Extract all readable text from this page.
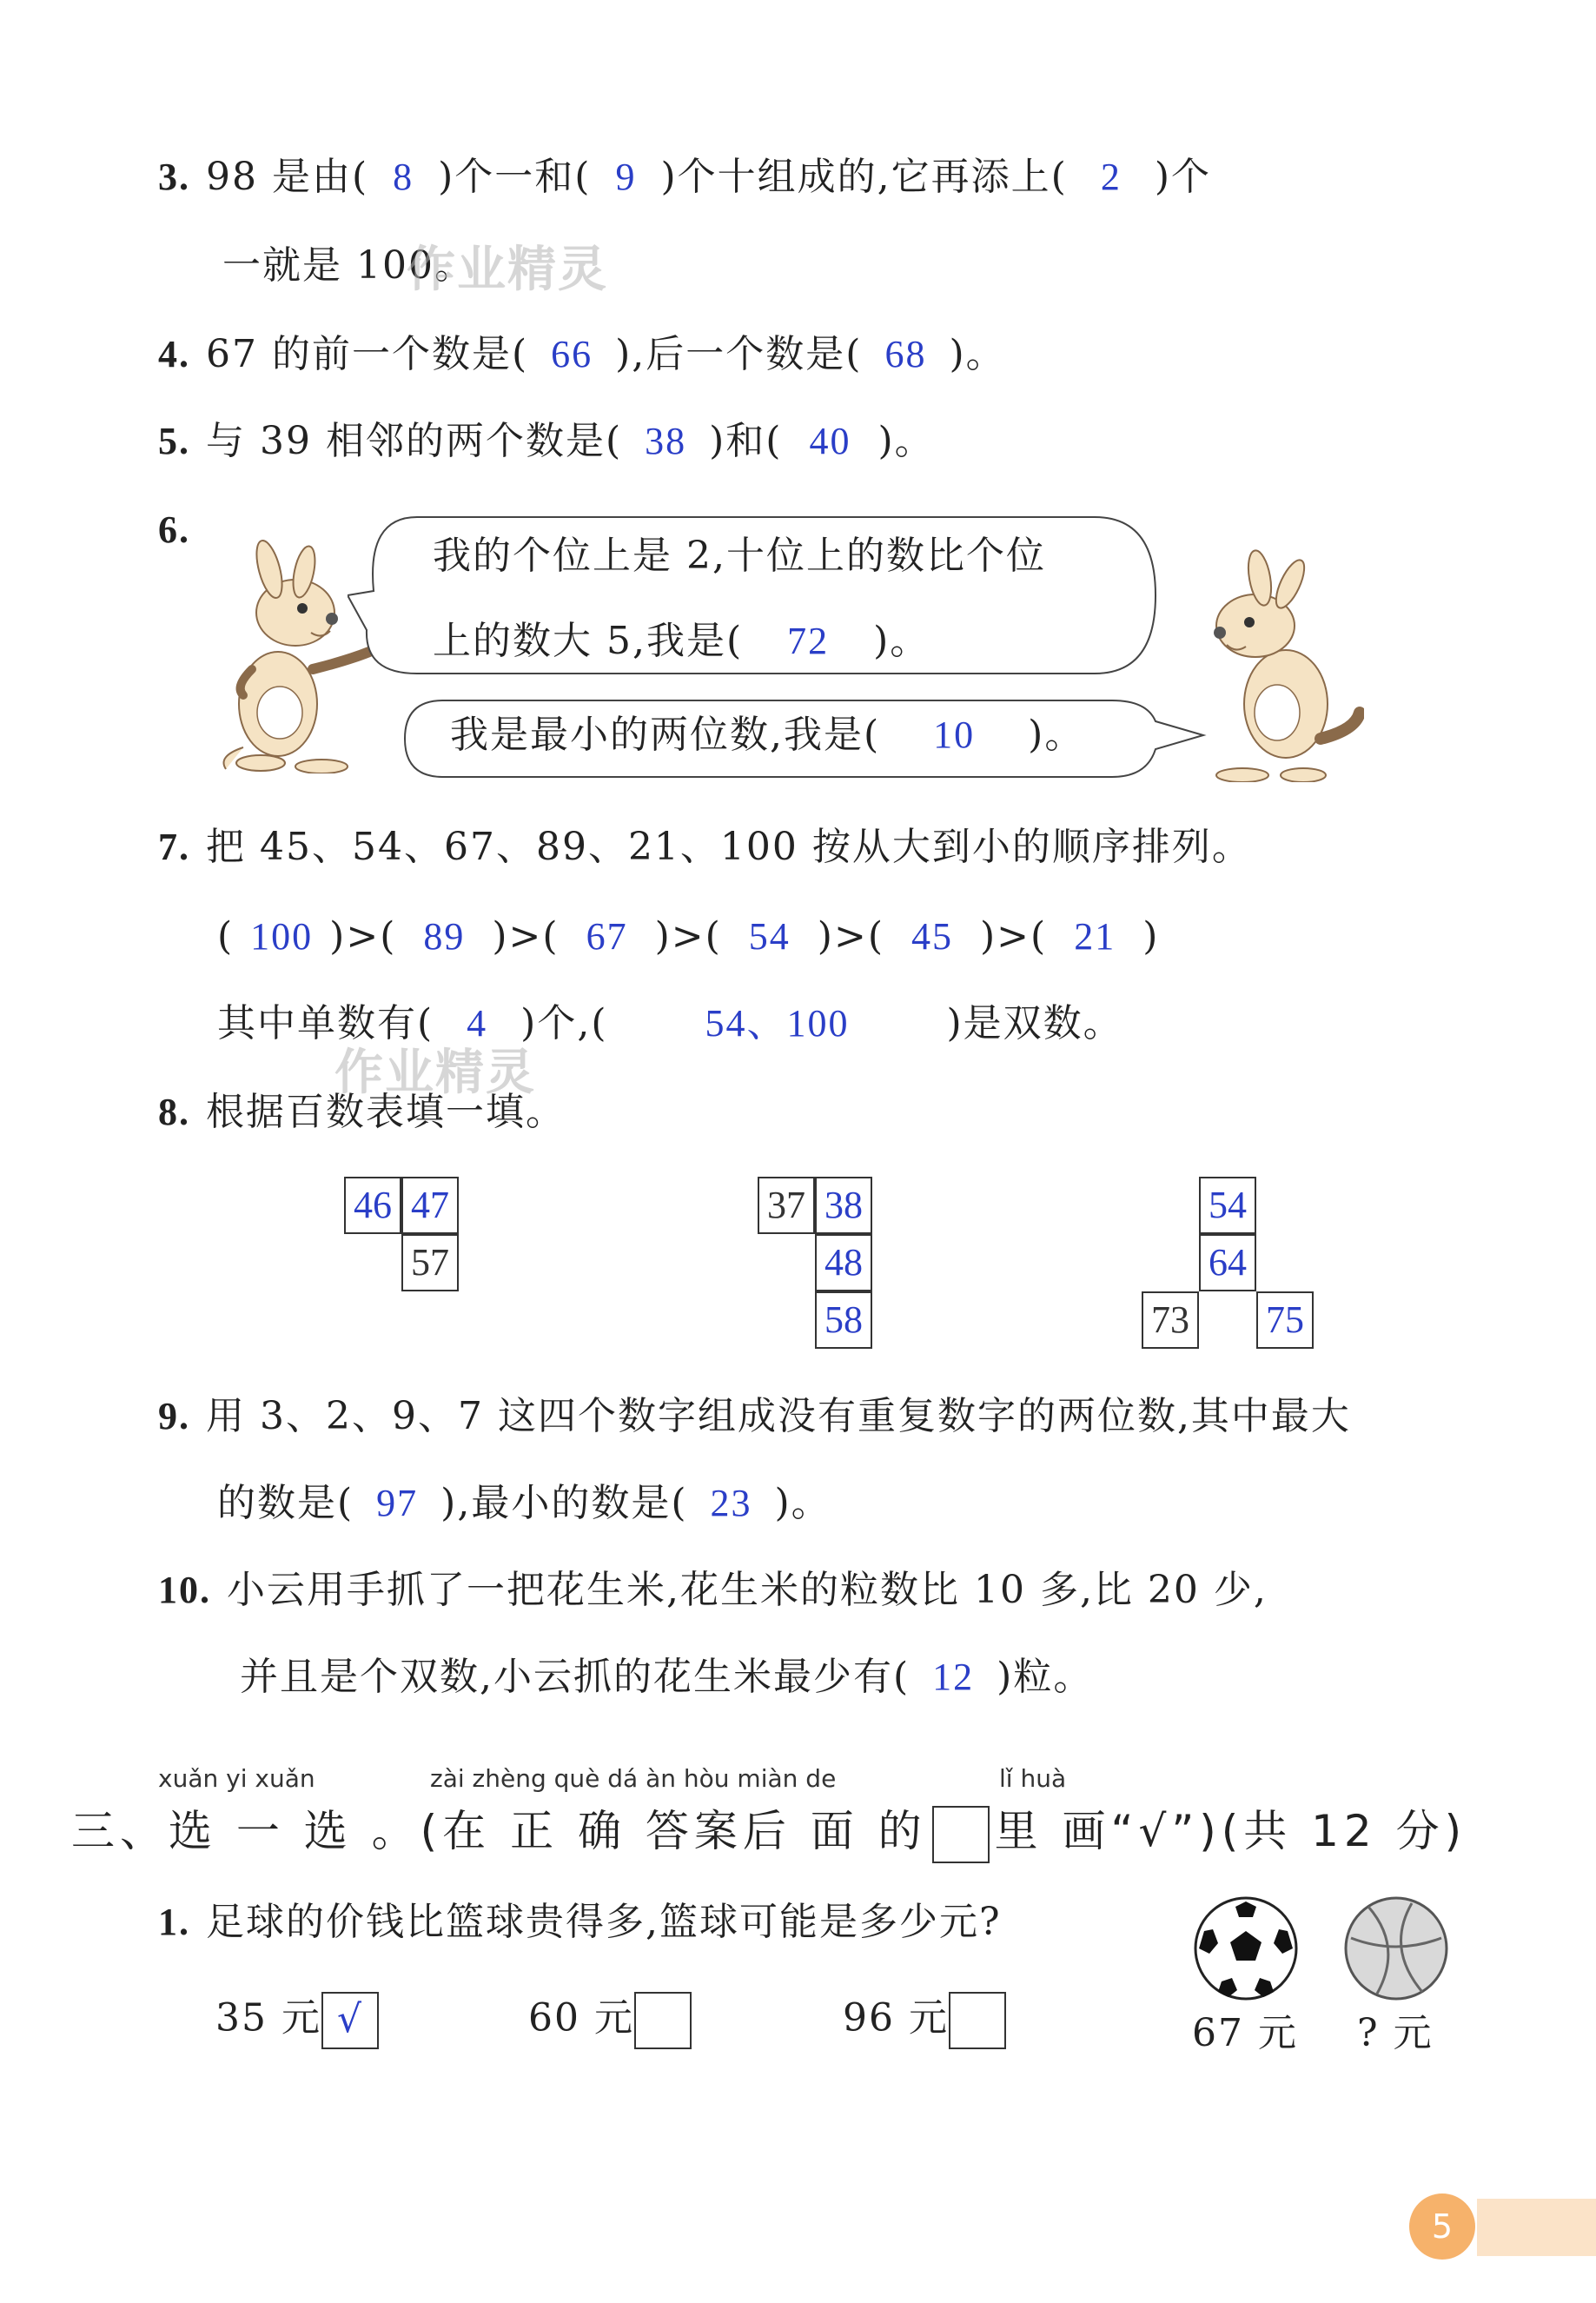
3. 98 是由( 8 )个一和( 9 )个十组成的,它再添上( 2 )个
一就是 100。
作业精灵
4. 67 的前一个数是( 66 ),后一个数是( 68 )。
5. 与 39 相邻的两个数是( 38 )和( 40 )。
6.
我的个位上是 2,十位上的数比个位
上的数大 5,我是( 72 )。
我是最小的两位数,我是( 10 )。
7. 把 45、54、67、89、21、100 按从大到小的顺序排列。
( 100 )>( 89 )>( 67 )>( 54 )>( 45 )>( 21 )
其中单数有( 4 )个,(	54、100	)是双数。
作业精灵
8. 根据百数表填一填。
46 47
57
37 38
48
58
54
64
73 75
9. 用 3、2、9、7 这四个数字组成没有重复数字的两位数,其中最大
的数是( 97 ),最小的数是( 23 )。
10. 小云用手抓了一把花生米,花生米的粒数比 10 多,比 20 少,
并且是个双数,小云抓的花生米最少有( 12 )粒。
xuǎn yi xuǎn	zài zhèng què dá àn hòu miàn de	lǐ huà
三、选 一 选 。(在 正 确 答案后 面 的 里 画“√”)(共 12 分)
1. 足球的价钱比篮球贵得多,篮球可能是多少元?
35 元 √	60 元	96 元	67 元 ? 元
5
